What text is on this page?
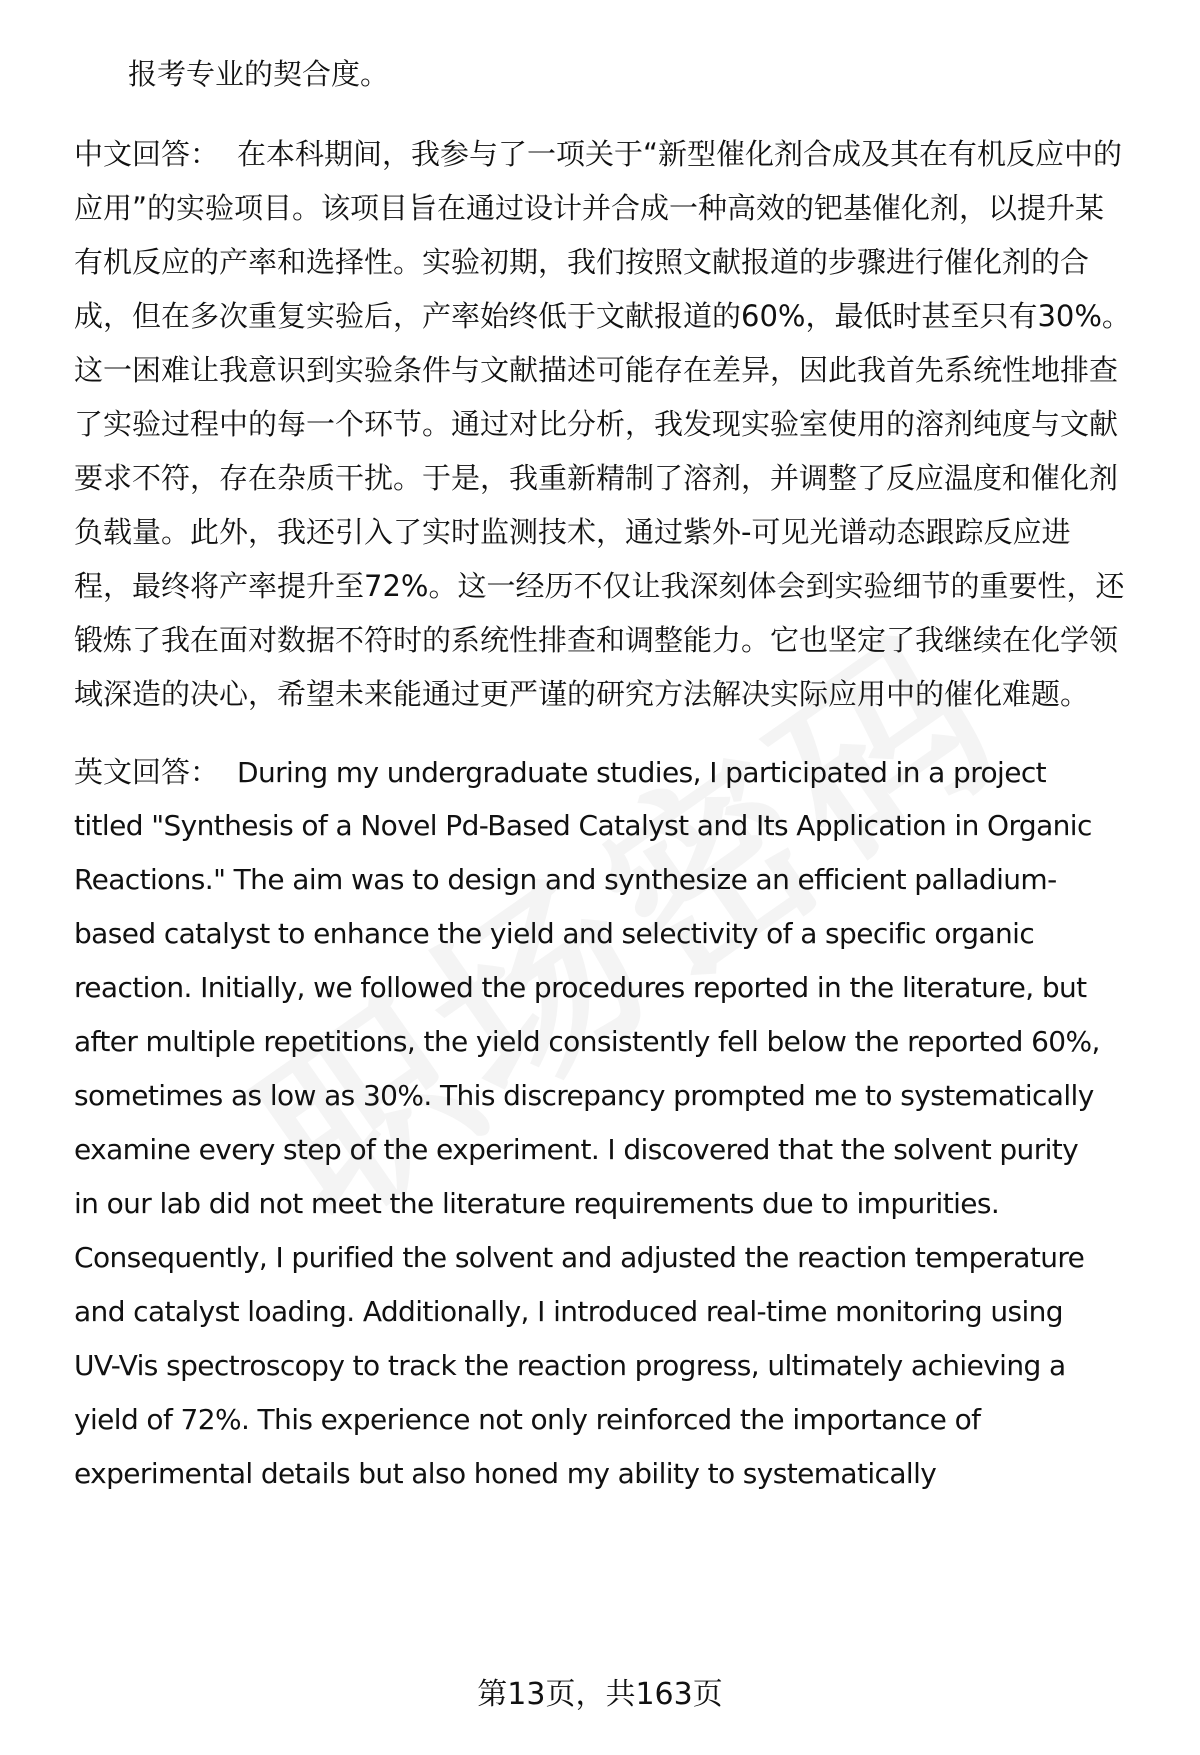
报考专业的契合度。
中文回答： 在本科期间，我参与了一项关于“新型催化剂合成及其在有机反应中的
应用”的实验项目。该项目旨在通过设计并合成一种高效的钯基催化剂，以提升某
有机反应的产率和选择性。实验初期，我们按照文献报道的步骤进行催化剂的合
成，但在多次重复实验后，产率始终低于文献报道的60%，最低时甚至只有30%。
这一困难让我意识到实验条件与文献描述可能存在差异，因此我首先系统性地排查
了实验过程中的每一个环节。通过对比分析，我发现实验室使用的溶剂纯度与文献
要求不符，存在杂质干扰。于是，我重新精制了溶剂，并调整了反应温度和催化剂
负载量。此外，我还引入了实时监测技术，通过紫外-可见光谱动态跟踪反应进
程，最终将产率提升至72%。这一经历不仅让我深刻体会到实验细节的重要性，还
锻炼了我在面对数据不符时的系统性排查和调整能力。它也坚定了我继续在化学领
域深造的决心，希望未来能通过更严谨的研究方法解决实际应用中的催化难题。
英文回答： During my undergraduate studies, I participated in a project
titled "Synthesis of a Novel Pd-Based Catalyst and Its Application in Organic
Reactions." The aim was to design and synthesize an efficient palladium-
based catalyst to enhance the yield and selectivity of a specific organic
reaction. Initially, we followed the procedures reported in the literature, but
after multiple repetitions, the yield consistently fell below the reported 60%,
sometimes as low as 30%. This discrepancy prompted me to systematically
examine every step of the experiment. I discovered that the solvent purity
in our lab did not meet the literature requirements due to impurities.
Consequently, I purified the solvent and adjusted the reaction temperature
and catalyst loading. Additionally, I introduced real-time monitoring using
UV-Vis spectroscopy to track the reaction progress, ultimately achieving a
yield of 72%. This experience not only reinforced the importance of
experimental details but also honed my ability to systematically
第13页，共163页
